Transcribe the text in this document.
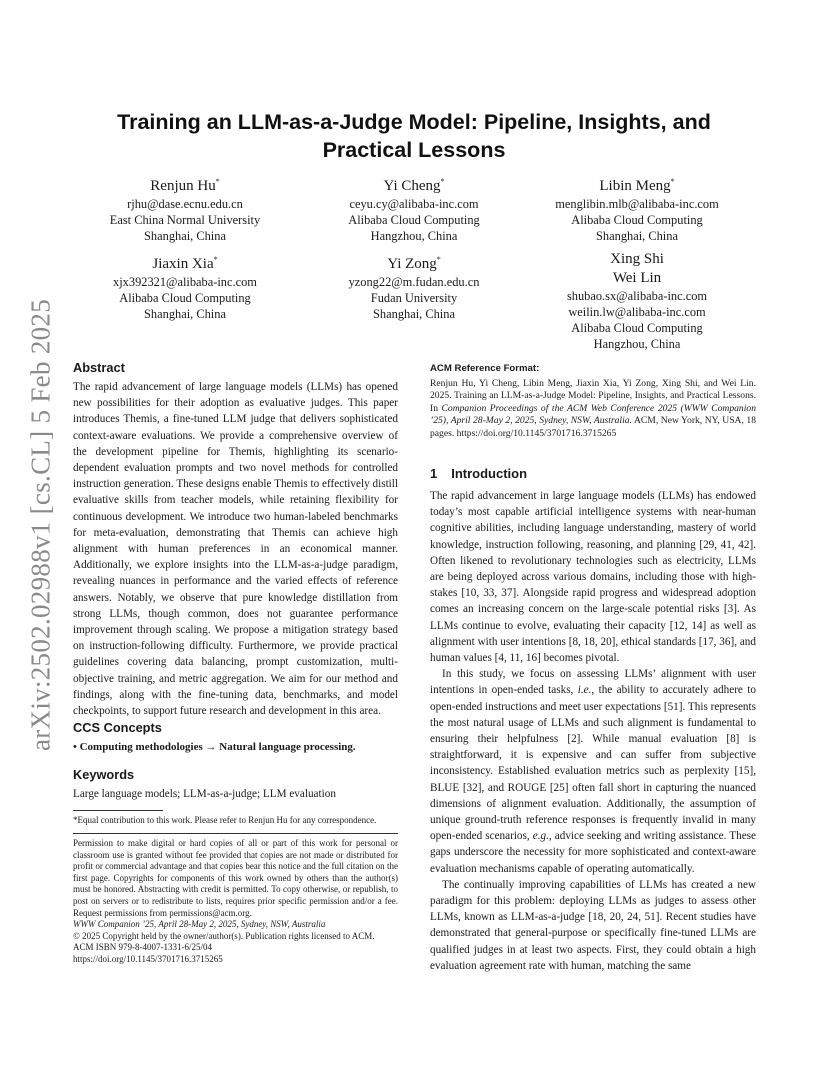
arXiv:2502.02988v1 [cs.CL] 5 Feb 2025
Training an LLM-as-a-Judge Model: Pipeline, Insights, and
Practical Lessons
Renjun Hu*
rjhu@dase.ecnu.edu.cn
East China Normal University
Shanghai, China
Yi Cheng*
ceyu.cy@alibaba-inc.com
Alibaba Cloud Computing
Hangzhou, China
Libin Meng*
menglibin.mlb@alibaba-inc.com
Alibaba Cloud Computing
Shanghai, China
Jiaxin Xia*
xjx392321@alibaba-inc.com
Alibaba Cloud Computing
Shanghai, China
Yi Zong*
yzong22@m.fudan.edu.cn
Fudan University
Shanghai, China
Xing Shi
Wei Lin
shubao.sx@alibaba-inc.com
weilin.lw@alibaba-inc.com
Alibaba Cloud Computing
Hangzhou, China
Abstract

The rapid advancement of large language models (LLMs) has opened new possibilities for their adoption as evaluative judges. This paper introduces Themis, a fine-tuned LLM judge that delivers sophisticated context-aware evaluations. We provide a comprehensive overview of the development pipeline for Themis, highlighting its scenario-dependent evaluation prompts and two novel methods for controlled instruction generation. These designs enable Themis to effectively distill evaluative skills from teacher models, while retaining flexibility for continuous development. We introduce two human-labeled benchmarks for meta-evaluation, demonstrating that Themis can achieve high alignment with human preferences in an economical manner. Additionally, we explore insights into the LLM-as-a-judge paradigm, revealing nuances in performance and the varied effects of reference answers. Notably, we observe that pure knowledge distillation from strong LLMs, though common, does not guarantee performance improvement through scaling. We propose a mitigation strategy based on instruction-following difficulty. Furthermore, we provide practical guidelines covering data balancing, prompt customization, multi-objective training, and metric aggregation. We aim for our method and findings, along with the fine-tuning data, benchmarks, and model checkpoints, to support future research and development in this area.

CCS Concepts
• Computing methodologies → Natural language processing.
Keywords

Large language models; LLM-as-a-judge; LLM evaluation

*Equal contribution to this work. Please refer to Renjun Hu for any correspondence.

Permission to make digital or hard copies of all or part of this work for personal or classroom use is granted without fee provided that copies are not made or distributed for profit or commercial advantage and that copies bear this notice and the full citation on the first page. Copyrights for components of this work owned by others than the author(s) must be honored. Abstracting with credit is permitted. To copy otherwise, or republish, to post on servers or to redistribute to lists, requires prior specific permission and/or a fee. Request permissions from permissions@acm.org.

WWW Companion ’25, April 28-May 2, 2025, Sydney, NSW, Australia
© 2025 Copyright held by the owner/author(s). Publication rights licensed to ACM.
ACM ISBN 979-8-4007-1331-6/25/04
https://doi.org/10.1145/3701716.3715265
ACM Reference Format:

Renjun Hu, Yi Cheng, Libin Meng, Jiaxin Xia, Yi Zong, Xing Shi, and Wei Lin. 2025. Training an LLM-as-a-Judge Model: Pipeline, Insights, and Practical Lessons. In Companion Proceedings of the ACM Web Conference 2025 (WWW Companion ’25), April 28-May 2, 2025, Sydney, NSW, Australia. ACM, New York, NY, USA, 18 pages. https://doi.org/10.1145/3701716.3715265

1 Introduction

The rapid advancement in large language models (LLMs) has endowed today’s most capable artificial intelligence systems with near-human cognitive abilities, including language understanding, mastery of world knowledge, instruction following, reasoning, and planning [29, 41, 42]. Often likened to revolutionary technologies such as electricity, LLMs are being deployed across various domains, including those with high-stakes [10, 33, 37]. Alongside rapid progress and widespread adoption comes an increasing concern on the large-scale potential risks [3]. As LLMs continue to evolve, evaluating their capacity [12, 14] as well as alignment with user intentions [8, 18, 20], ethical standards [17, 36], and human values [4, 11, 16] becomes pivotal.

In this study, we focus on assessing LLMs’ alignment with user intentions in open-ended tasks, i.e., the ability to accurately adhere to open-ended instructions and meet user expectations [51]. This represents the most natural usage of LLMs and such alignment is fundamental to ensuring their helpfulness [2]. While manual evaluation [8] is straightforward, it is expensive and can suffer from subjective inconsistency. Established evaluation metrics such as perplexity [15], BLUE [32], and ROUGE [25] often fall short in capturing the nuanced dimensions of alignment evaluation. Additionally, the assumption of unique ground-truth reference responses is frequently invalid in many open-ended scenarios, e.g., advice seeking and writing assistance. These gaps underscore the necessity for more sophisticated and context-aware evaluation mechanisms capable of operating automatically.

The continually improving capabilities of LLMs has created a new paradigm for this problem: deploying LLMs as judges to assess other LLMs, known as LLM-as-a-judge [18, 20, 24, 51]. Recent studies have demonstrated that general-purpose or specifically fine-tuned LLMs are qualified judges in at least two aspects. First, they could obtain a high evaluation agreement rate with human, matching the same
